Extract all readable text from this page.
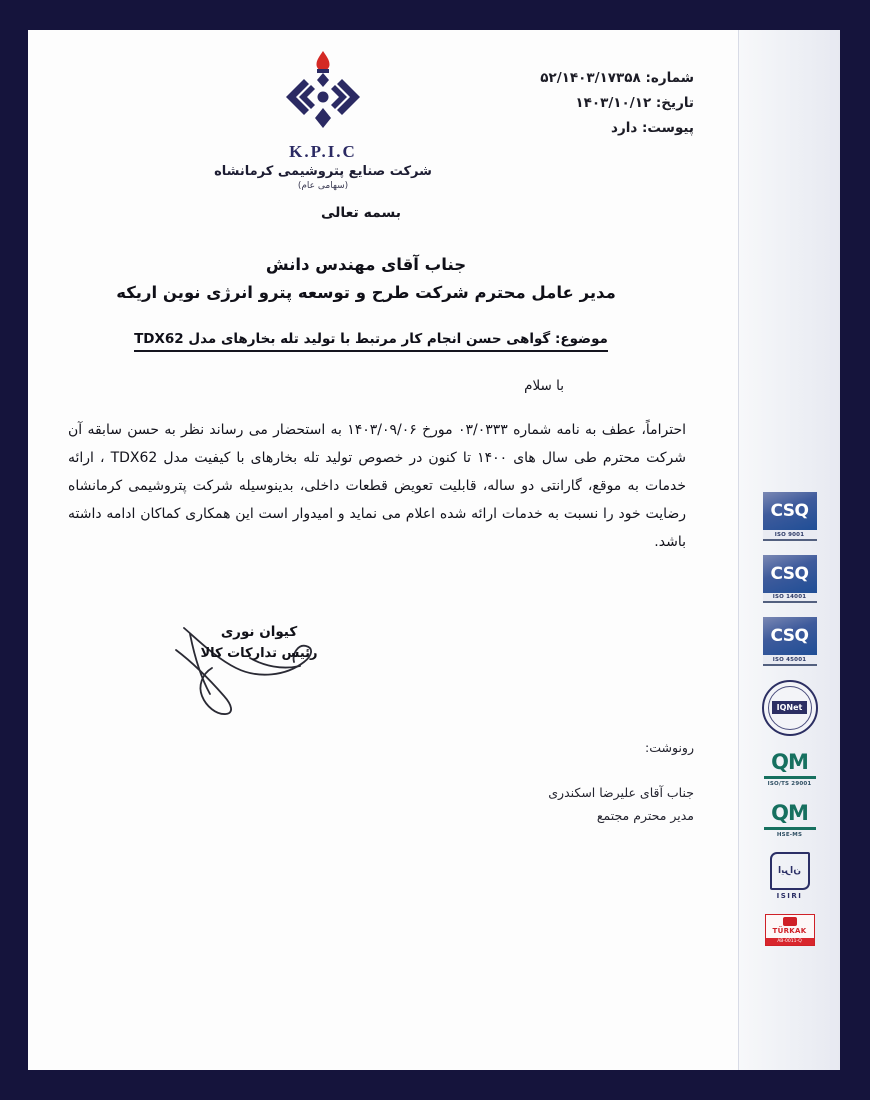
CSQ
ISO 9001
CSQ
ISO 14001
CSQ
ISO 45001
IQNet
QM
ISO/TS 29001
QM
HSE-MS
ایران
ISIRI
TÜRKAK
AB-0011-Q
شماره: ۵۲/۱۴۰۳/۱۷۳۵۸
تاریخ: ۱۴۰۳/۱۰/۱۲
پیوست: دارد
K.P.I.C
شرکت صنایع پتروشیمی کرمانشاه
(سهامی عام)
بسمه تعالی
جناب آقای مهندس دانش
مدیر عامل محترم شرکت طرح و توسعه پترو انرژی نوین اریکه
موضوع: گواهی حسن انجام کار مرتبط با تولید تله بخارهای مدل TDX62
با سلام
احتراماً، عطف به نامه شماره ۰۳/۰۳۳۳ مورخ ۱۴۰۳/۰۹/۰۶ به استحضار می رساند نظر به حسن سابقه آن شرکت محترم طی سال های ۱۴۰۰ تا کنون در خصوص تولید تله بخارهای با کیفیت مدل TDX62 ، ارائه خدمات به موقع، گارانتی دو ساله، قابلیت تعویض قطعات داخلی، بدینوسیله شرکت پتروشیمی کرمانشاه رضایت خود را نسبت به خدمات ارائه شده اعلام می نماید و امیدوار است این همکاری کماکان ادامه داشته باشد.
کیوان نوری
رئیس تدارکات کالا
رونوشت:
جناب آقای علیرضا اسکندری
مدیر محترم مجتمع
